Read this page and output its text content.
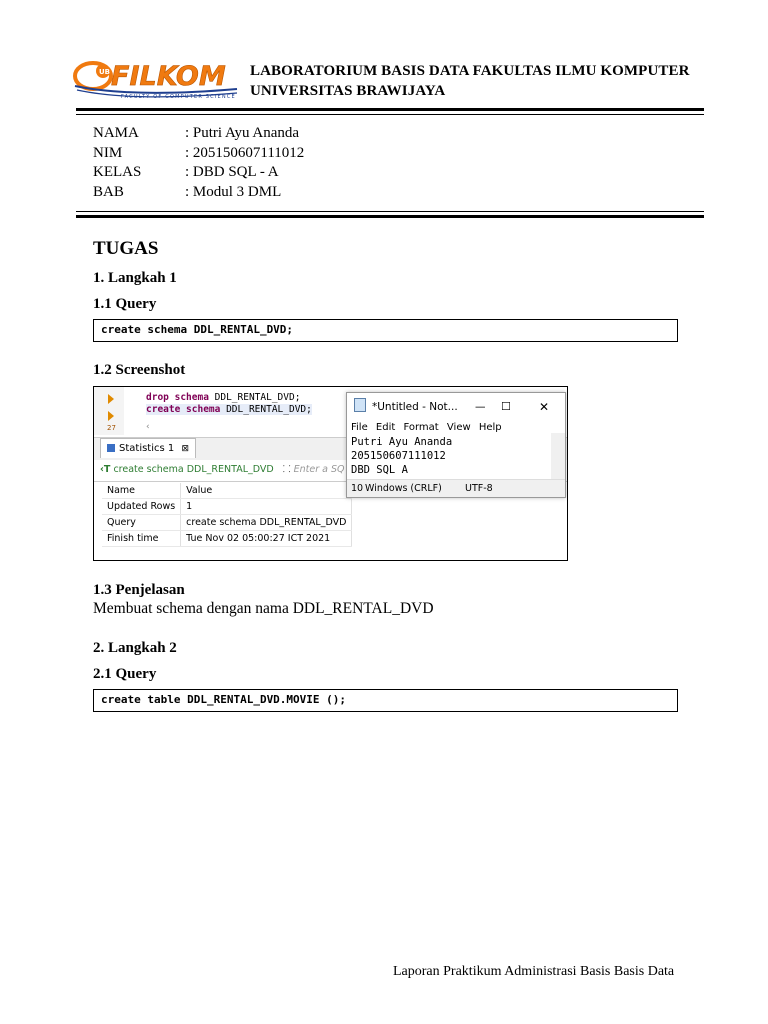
UB FILKOM
FACULTY OF COMPUTER SCIENCE
LABORATORIUM BASIS DATA FAKULTAS ILMU KOMPUTER
UNIVERSITAS BRAWIJAYA
NAMA	: Putri Ayu Ananda
NIM	: 205150607111012
KELAS	: DBD SQL - A
BAB	: Modul 3 DML
TUGAS
1. Langkah 1
1.1 Query
create schema DDL_RENTAL_DVD;
1.2 Screenshot
27
drop schema DDL_RENTAL_DVD;
create schema DDL_RENTAL_DVD;
‹
Statistics 1 ⊠
‹T create schema DDL_RENTAL_DVD ⸬ Enter a SQ
Name	Value
Updated Rows	1
Query	create schema DDL_RENTAL_DVD
Finish time	Tue Nov 02 05:00:27 ICT 2021
*Untitled - Not... — ☐ ✕
File Edit Format View Help
Putri Ayu Ananda
205150607111012
DBD SQL A
10 Windows (CRLF) UTF-8
1.3 Penjelasan
Membuat schema dengan nama DDL_RENTAL_DVD
2. Langkah 2
2.1 Query
create table DDL_RENTAL_DVD.MOVIE ();
Laporan Praktikum Administrasi Basis Basis Data
